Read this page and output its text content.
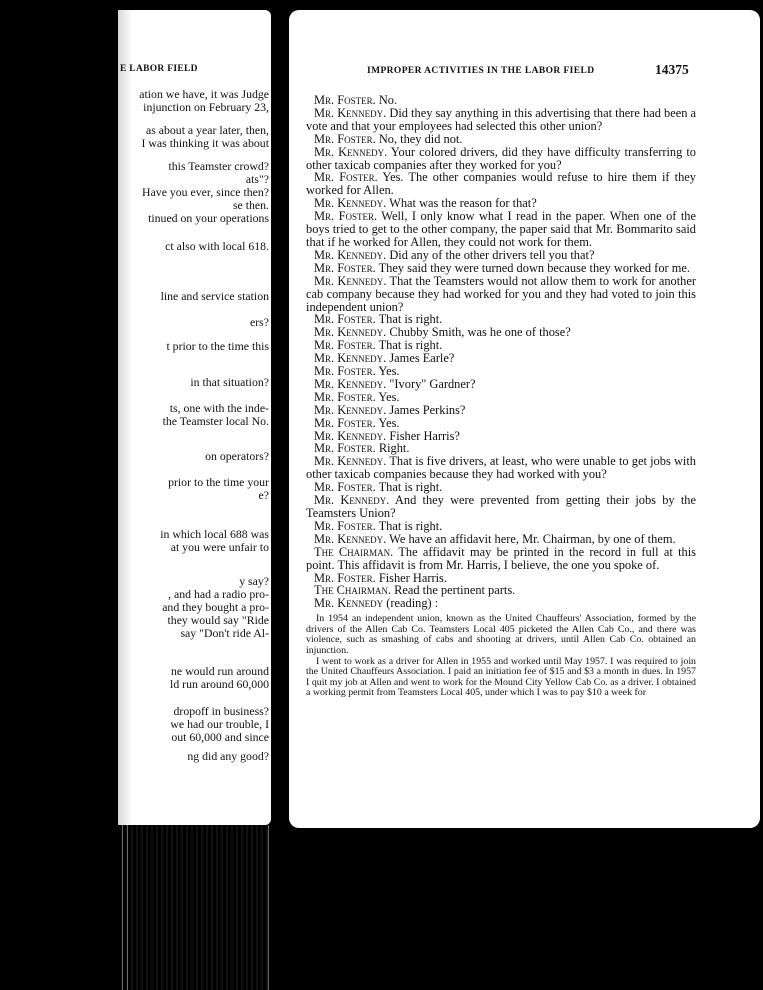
E LABOR FIELD
ation we have, it was Judge
injunction on February 23,
as about a year later, then,
I was thinking it was about
this Teamster crowd?
ats"?
Have you ever, since then?
se then.
tinued on your operations
ct also with local 618.
line and service station
ers?
t prior to the time this
in that situation?
ts, one with the inde-
the Teamster local No.
on operators?
prior to the time your
e?
in which local 688 was
at you were unfair to
y say?
, and had a radio pro-
and they bought a pro-
they would say "Ride
say "Don't ride Al-
ne would run around
ld run around 60,000
dropoff in business?
we had our trouble, I
out 60,000 and since
ng did any good?
IMPROPER ACTIVITIES IN THE LABOR FIELD	14375

Mr. Foster. No.

Mr. Kennedy. Did they say anything in this advertising that there had been a vote and that your employees had selected this other union?

Mr. Foster. No, they did not.

Mr. Kennedy. Your colored drivers, did they have difficulty transferring to other taxicab companies after they worked for you?

Mr. Foster. Yes. The other companies would refuse to hire them if they worked for Allen.

Mr. Kennedy. What was the reason for that?

Mr. Foster. Well, I only know what I read in the paper. When one of the boys tried to get to the other company, the paper said that Mr. Bommarito said that if he worked for Allen, they could not work for them.

Mr. Kennedy. Did any of the other drivers tell you that?

Mr. Foster. They said they were turned down because they worked for me.

Mr. Kennedy. That the Teamsters would not allow them to work for another cab company because they had worked for you and they had voted to join this independent union?

Mr. Foster. That is right.

Mr. Kennedy. Chubby Smith, was he one of those?

Mr. Foster. That is right.

Mr. Kennedy. James Earle?

Mr. Foster. Yes.

Mr. Kennedy. "Ivory" Gardner?

Mr. Foster. Yes.

Mr. Kennedy. James Perkins?

Mr. Foster. Yes.

Mr. Kennedy. Fisher Harris?

Mr. Foster. Right.

Mr. Kennedy. That is five drivers, at least, who were unable to get jobs with other taxicab companies because they had worked with you?

Mr. Foster. That is right.

Mr. Kennedy. And they were prevented from getting their jobs by the Teamsters Union?

Mr. Foster. That is right.

Mr. Kennedy. We have an affidavit here, Mr. Chairman, by one of them.

The Chairman. The affidavit may be printed in the record in full at this point. This affidavit is from Mr. Harris, I believe, the one you spoke of.

Mr. Foster. Fisher Harris.

The Chairman. Read the pertinent parts.

Mr. Kennedy (reading) :

In 1954 an independent union, known as the United Chauffeurs' Association, formed by the drivers of the Allen Cab Co. Teamsters Local 405 picketed the Allen Cab Co., and there was violence, such as smashing of cabs and shooting at drivers, until Allen Cab Co. obtained an injunction.

I went to work as a driver for Allen in 1955 and worked until May 1957. I was required to join the United Chauffeurs Association. I paid an initiation fee of $15 and $3 a month in dues. In 1957 I quit my job at Allen and went to work for the Mound City Yellow Cab Co. as a driver. I obtained a working permit from Teamsters Local 405, under which I was to pay $10 a week for
